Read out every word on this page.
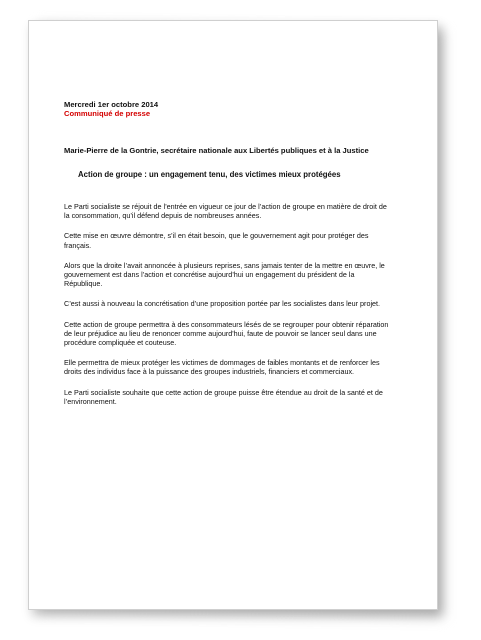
Mercredi 1er octobre 2014
Communiqué de presse
Marie-Pierre de la Gontrie, secrétaire nationale aux Libertés publiques et à la Justice
Action de groupe : un engagement tenu, des victimes mieux protégées
Le Parti socialiste se réjouit de l’entrée en vigueur ce jour de l’action de groupe en matière de droit de la consommation, qu’il défend depuis de nombreuses années.
Cette mise en œuvre démontre, s’il en était besoin, que le gouvernement agit pour protéger des français.
Alors que la droite l’avait annoncée à plusieurs reprises, sans jamais tenter de la mettre en œuvre, le gouvernement est dans l’action et concrétise aujourd’hui un engagement du président de la République.
C’est aussi à nouveau la concrétisation d’une proposition portée par les socialistes dans leur projet.
Cette action de groupe permettra à des consommateurs lésés de se regrouper pour obtenir réparation de leur préjudice au lieu de renoncer comme aujourd'hui, faute de pouvoir se lancer seul dans une procédure compliquée et couteuse.
Elle permettra de mieux protéger les victimes de dommages de faibles montants et de renforcer les droits des individus face à la puissance des groupes industriels, financiers et commerciaux.
Le Parti socialiste souhaite que cette action de groupe puisse être étendue au droit de la santé et de l’environnement.
